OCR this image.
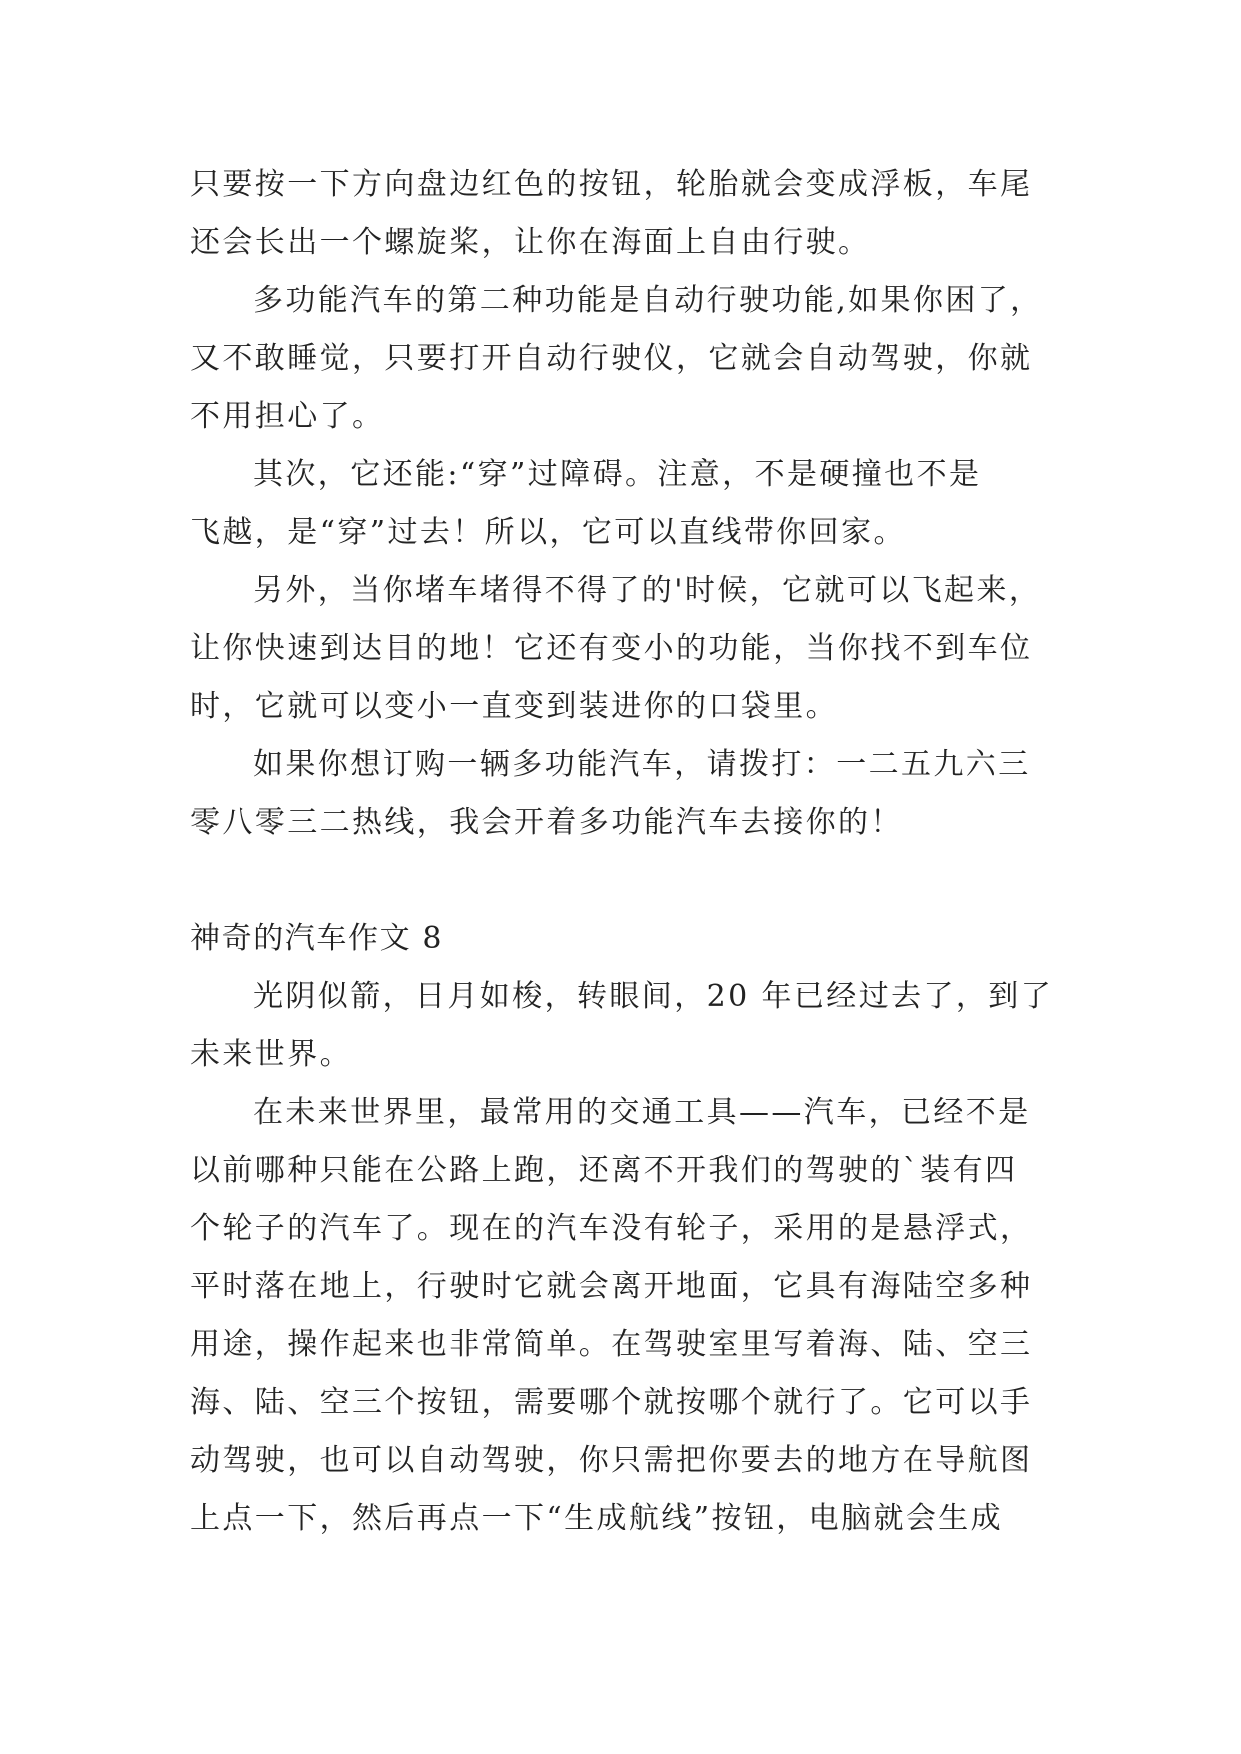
只要按一下方向盘边红色的按钮，轮胎就会变成浮板，车尾
还会长出一个螺旋桨，让你在海面上自由行驶。
多功能汽车的第二种功能是自动行驶功能,如果你困了，
又不敢睡觉，只要打开自动行驶仪，它就会自动驾驶，你就
不用担心了。
其次，它还能:“穿”过障碍。注意，不是硬撞也不是
飞越，是“穿”过去！所以，它可以直线带你回家。
另外，当你堵车堵得不得了的'时候，它就可以飞起来，
让你快速到达目的地！它还有变小的功能，当你找不到车位
时，它就可以变小一直变到装进你的口袋里。
如果你想订购一辆多功能汽车，请拨打：一二五九六三
零八零三二热线，我会开着多功能汽车去接你的！
神奇的汽车作文 8
光阴似箭，日月如梭，转眼间，20 年已经过去了，到了
未来世界。
在未来世界里，最常用的交通工具——汽车，已经不是
以前哪种只能在公路上跑，还离不开我们的驾驶的`装有四
个轮子的汽车了。现在的汽车没有轮子，采用的是悬浮式，
平时落在地上，行驶时它就会离开地面，它具有海陆空多种
用途，操作起来也非常简单。在驾驶室里写着海、陆、空三
海、陆、空三个按钮，需要哪个就按哪个就行了。它可以手
动驾驶，也可以自动驾驶，你只需把你要去的地方在导航图
上点一下，然后再点一下“生成航线”按钮，电脑就会生成
